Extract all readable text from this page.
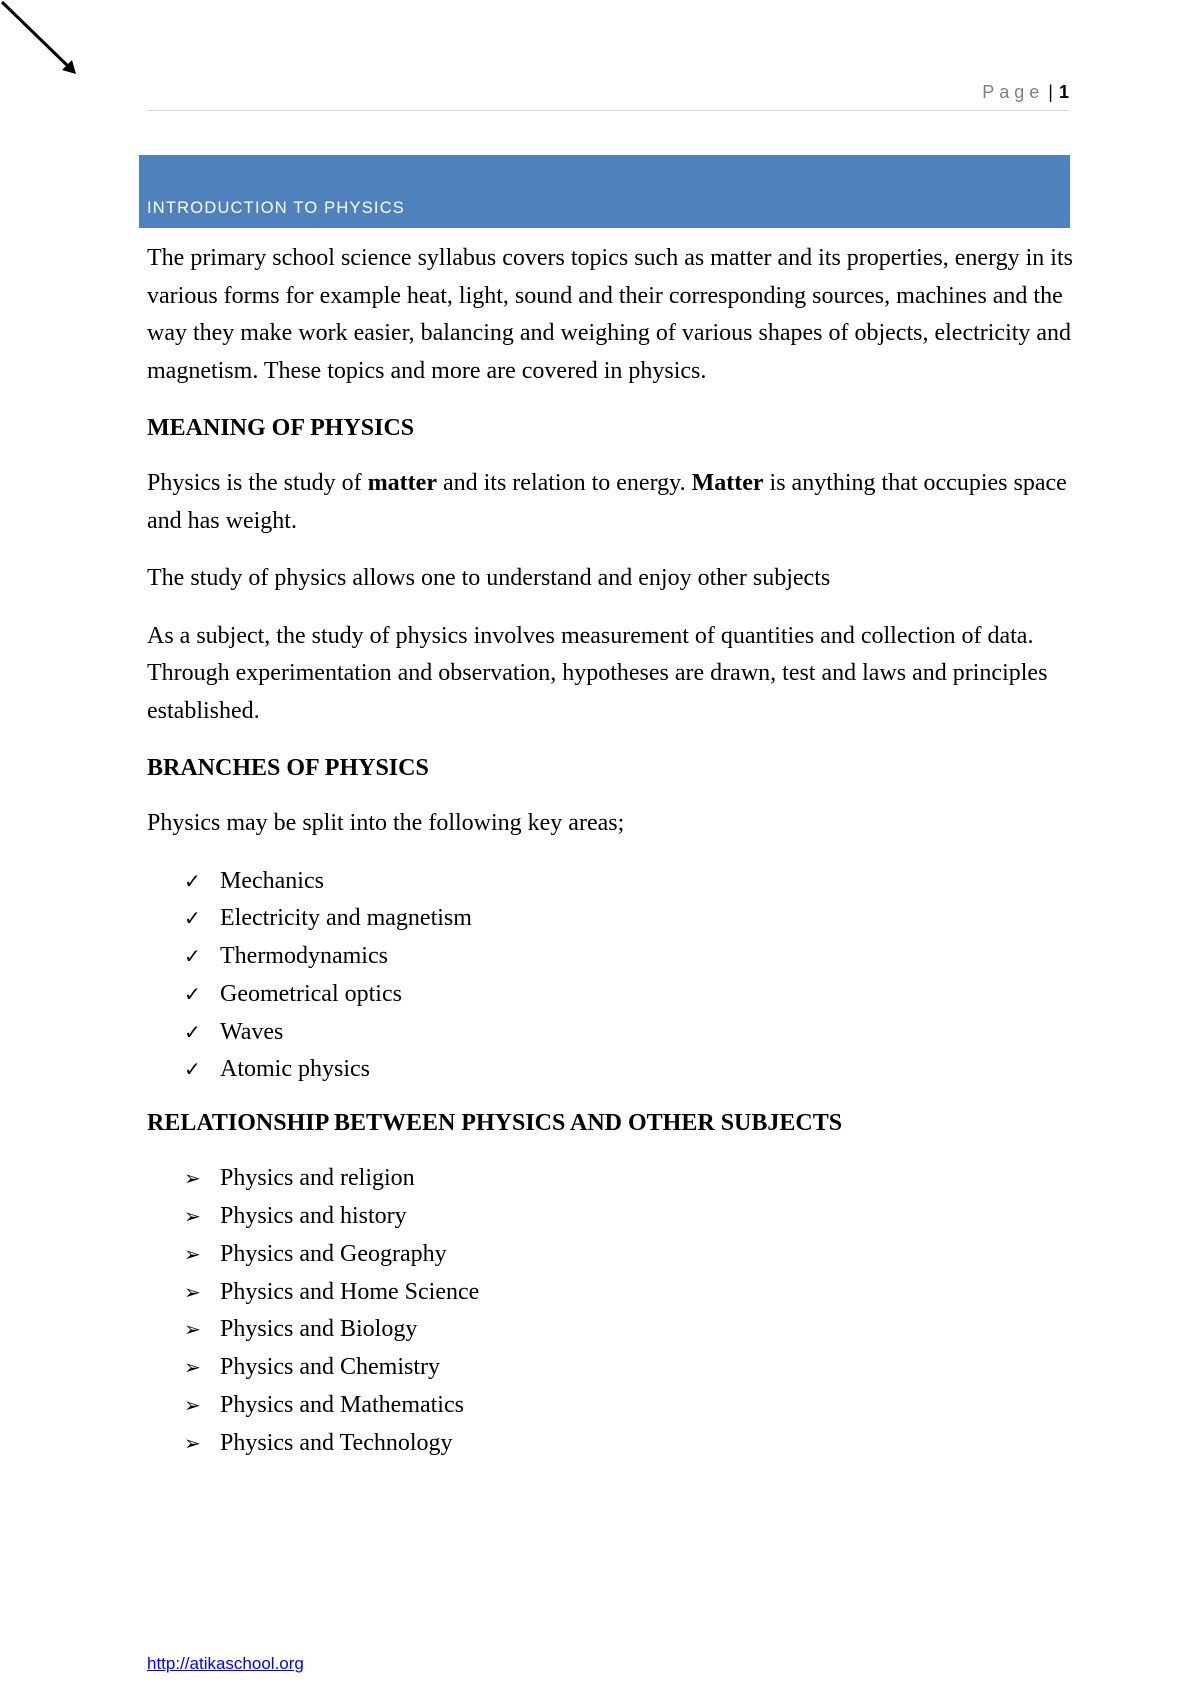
Page | 1
INTRODUCTION TO PHYSICS

The primary school science syllabus covers topics such as matter and its properties, energy in its various forms for example heat, light, sound and their corresponding sources, machines and the way they make work easier, balancing and weighing of various shapes of objects, electricity and magnetism. These topics and more are covered in physics.

MEANING OF PHYSICS

Physics is the study of matter and its relation to energy. Matter is anything that occupies space and has weight.

The study of physics allows one to understand and enjoy other subjects

As a subject, the study of physics involves measurement of quantities and collection of data. Through experimentation and observation, hypotheses are drawn, test and laws and principles established.

BRANCHES OF PHYSICS

Physics may be split into the following key areas;

✓ Mechanics
✓ Electricity and magnetism
✓ Thermodynamics
✓ Geometrical optics
✓ Waves
✓ Atomic physics
RELATIONSHIP BETWEEN PHYSICS AND OTHER SUBJECTS
➢ Physics and religion
➢ Physics and history
➢ Physics and Geography
➢ Physics and Home Science
➢ Physics and Biology
➢ Physics and Chemistry
➢ Physics and Mathematics
➢ Physics and Technology
http://atikaschool.org
